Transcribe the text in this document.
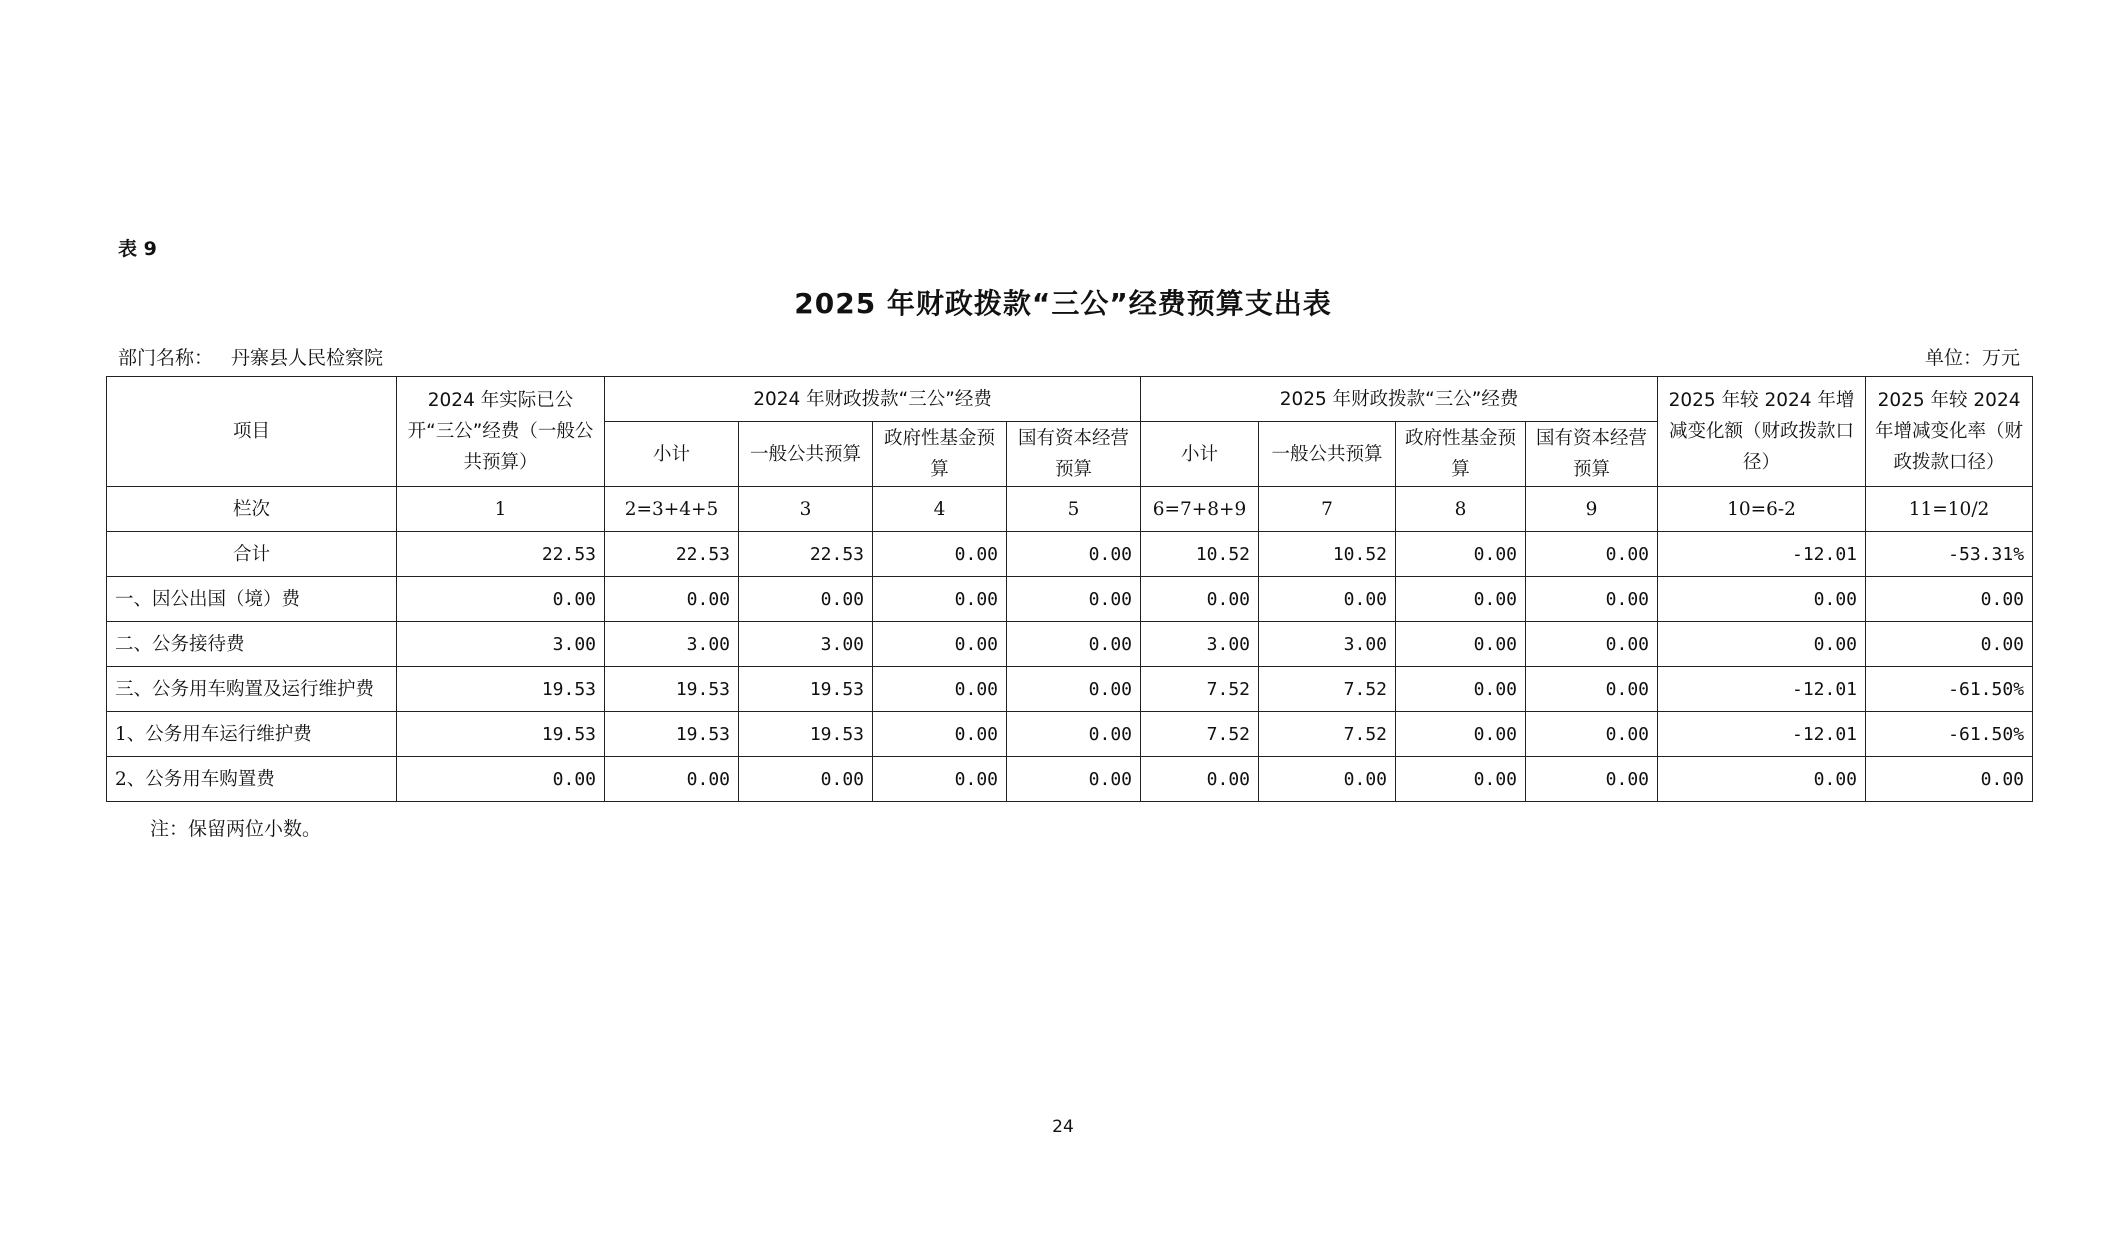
表 9
2025 年财政拨款“三公”经费预算支出表
部门名称： 丹寨县人民检察院	单位：万元
项目	2024 年实际已公开“三公”经费（一般公共预算）	2024 年财政拨款“三公”经费				2025 年财政拨款“三公”经费				2025 年较 2024 年增减变化额（财政拨款口径）	2025 年较 2024 年增减变化率（财政拨款口径）
		小计	一般公共预算	政府性基金预算	国有资本经营预算	小计	一般公共预算	政府性基金预算	国有资本经营预算		
栏次	1	2=3+4+5	3	4	5	6=7+8+9	7	8	9	10=6-2	11=10/2
合计	22.53	22.53	22.53	0.00	0.00	10.52	10.52	0.00	0.00	-12.01	-53.31%
一、因公出国（境）费	0.00	0.00	0.00	0.00	0.00	0.00	0.00	0.00	0.00	0.00	0.00
二、公务接待费	3.00	3.00	3.00	0.00	0.00	3.00	3.00	0.00	0.00	0.00	0.00
三、公务用车购置及运行维护费	19.53	19.53	19.53	0.00	0.00	7.52	7.52	0.00	0.00	-12.01	-61.50%
1、公务用车运行维护费	19.53	19.53	19.53	0.00	0.00	7.52	7.52	0.00	0.00	-12.01	-61.50%
2、公务用车购置费	0.00	0.00	0.00	0.00	0.00	0.00	0.00	0.00	0.00	0.00	0.00
注：保留两位小数。
24
